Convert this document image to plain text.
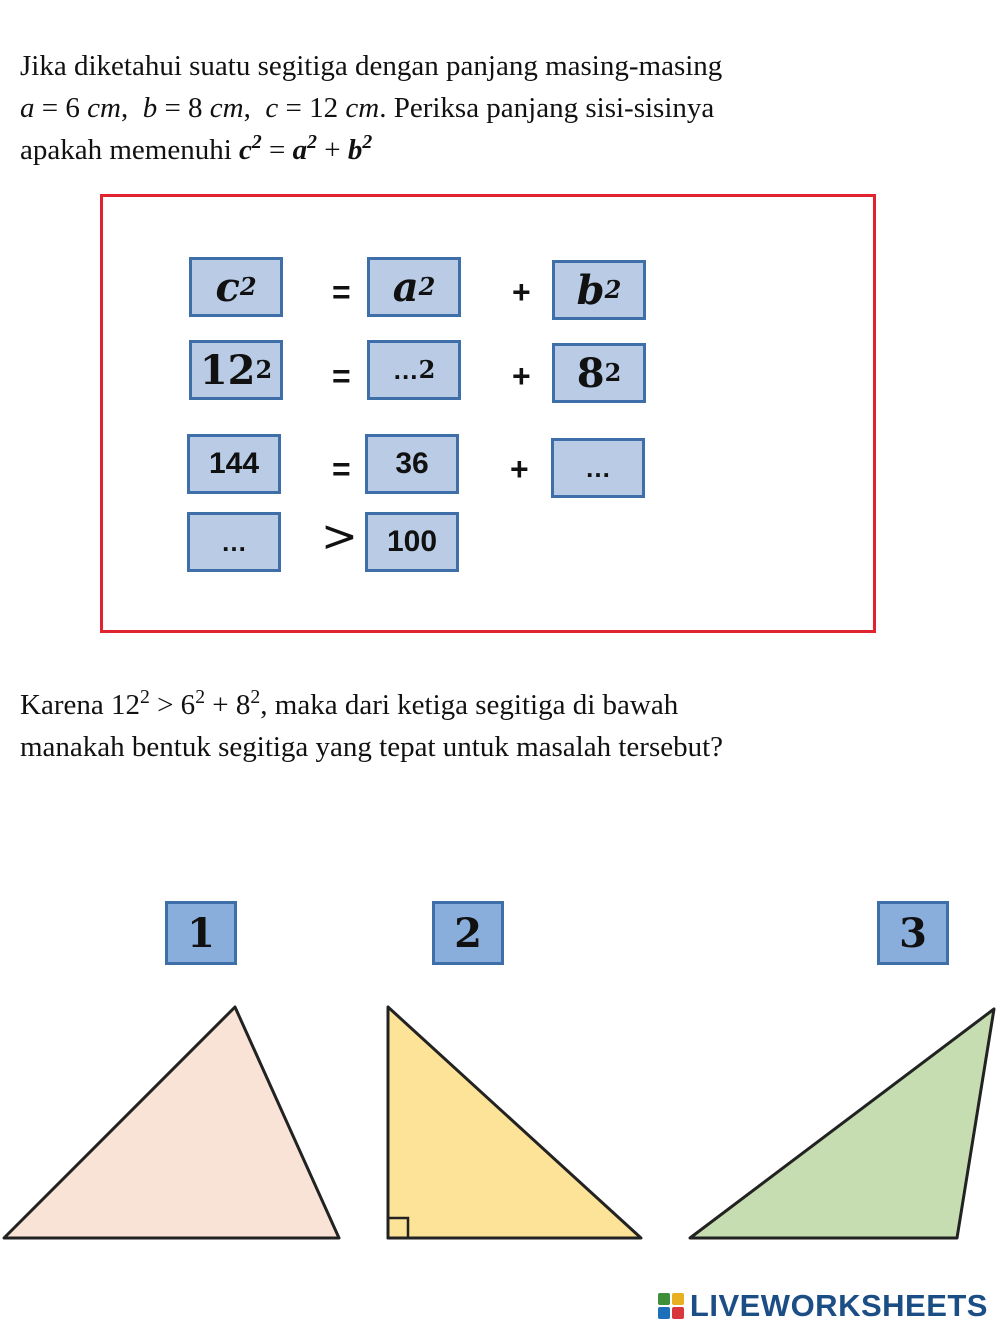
Jika diketahui suatu segitiga dengan panjang masing-masing
a = 6 cm,  b = 8 cm,  c = 12 cm. Periksa panjang sisi-sisinya
apakah memenuhi $c^2 = a^2 + b^2$
c 2 = a 2 + b 2
12 2 = … 2 + 8 2
144	=	36	+	…
…	> 100
Karena $12^2 > 6^2 + 8^2$, maka dari ketiga segitiga di bawah
manakah bentuk segitiga yang tepat untuk masalah tersebut?
1	2	3
LIVEWORKSHEETS
